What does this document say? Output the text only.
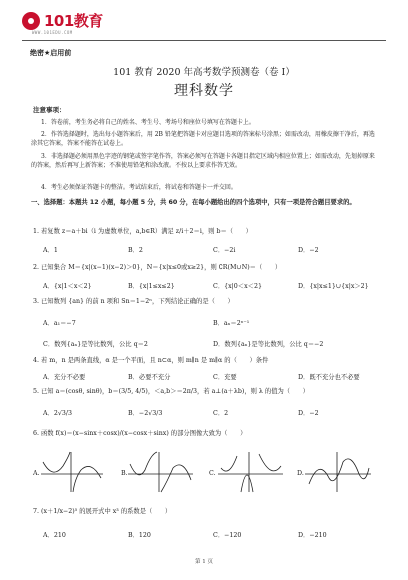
101教育
WWW.101EDU.COM
绝密★启用前
101 教育 2020 年高考数学预测卷（卷 I）
理科数学
注意事项：
1．答卷前，考生务必将自己的姓名、考生号、考场号和座位号填写在答题卡上。
2．作答选择题时，选出每小题答案后，用 2B 铅笔把答题卡对应题目选项的答案标号涂黑；如需改动，用橡皮擦干净后，再选涂其它答案，答案不能答在试卷上。
3．非选择题必须用黑色字迹的钢笔或签字笔作答，答案必须写在答题卡各题目指定区域内相应位置上；如需改动，先划掉原来的答案，然后再写上新答案；不准使用铅笔和涂改液。不按以上要求作答无效。
4．考生必须保证答题卡的整洁。考试结束后，将试卷和答题卡一并交回。
一、选择题：本题共 12 小题，每小题 5 分，共 60 分，在每小题给出的四个选项中，只有一项是符合题目要求的。
1. 若复数 z＝a＋bi（i 为虚数单位，a,b∈R）满足 z/i＋2＝i，则 b＝（　　）
A．1	B．2	C．−2i	D．−2
2. 已知集合 M＝{x|(x−1)(x−2)＞0}，N＝{x|x≤0或x≥2}，则 ∁R(M∪N)＝（　　）
A．{x|1＜x＜2}	B．{x|1≤x≤2}	C．{x|0＜x＜2}	D．{x|x≤1}∪{x|x＞2}
3. 已知数列 {an} 的前 n 项和 Sn＝1−2ⁿ，下列结论正确的是（　　）
A．a₁＝−7	B．aₙ＝2ⁿ⁻¹
C．数列{aₙ}是等比数列，公比 q＝2	D．数列{aₙ}是等比数列，公比 q＝−2
4. 若 m，n 是两条直线，α 是一个平面，且 n⊂α，则 m∥n 是 m∥α 的（　　）条件
A．充分不必要	B．必要不充分	C．充要	D．既不充分也不必要
5. 已知 a＝(cosθ, sinθ)，b＝(3/5, 4/5)，＜a,b＞＝2π/3，若 a⊥(a＋λb)，则 λ 的值为（　　）
A．2√3/3	B．−2√3/3	C．2	D．−2
6. 函数 f(x)＝(x−sinx＋cosx)/(x−cosx＋sinx) 的部分图像大致为（　　）
A.	B.	C.	D.
7. (x＋1/x−2)⁵ 的展开式中 x³ 的系数是（　　）
A．210	B．120	C．−120	D．−210
第 1 页
